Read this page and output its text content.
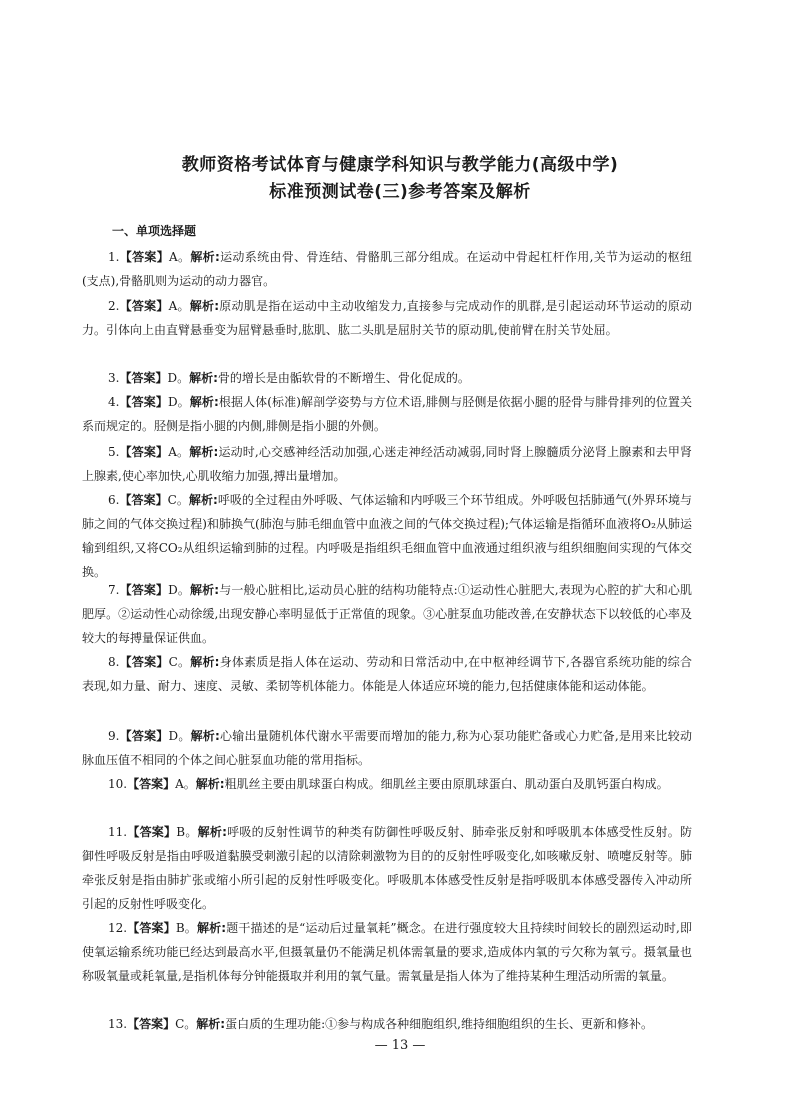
教师资格考试体育与健康学科知识与教学能力(高级中学)
标准预测试卷(三)参考答案及解析
一、单项选择题
1.【答案】A。解析:运动系统由骨、骨连结、骨骼肌三部分组成。在运动中骨起杠杆作用,关节为运动的枢纽(支点),骨骼肌则为运动的动力器官。
2.【答案】A。解析:原动肌是指在运动中主动收缩发力,直接参与完成动作的肌群,是引起运动环节运动的原动力。引体向上由直臂悬垂变为屈臂悬垂时,肱肌、肱二头肌是屈肘关节的原动肌,使前臂在肘关节处屈。
3.【答案】D。解析:骨的增长是由骺软骨的不断增生、骨化促成的。
4.【答案】D。解析:根据人体(标准)解剖学姿势与方位术语,腓侧与胫侧是依据小腿的胫骨与腓骨排列的位置关系而规定的。胫侧是指小腿的内侧,腓侧是指小腿的外侧。
5.【答案】A。解析:运动时,心交感神经活动加强,心迷走神经活动减弱,同时肾上腺髓质分泌肾上腺素和去甲肾上腺素,使心率加快,心肌收缩力加强,搏出量增加。
6.【答案】C。解析:呼吸的全过程由外呼吸、气体运输和内呼吸三个环节组成。外呼吸包括肺通气(外界环境与肺之间的气体交换过程)和肺换气(肺泡与肺毛细血管中血液之间的气体交换过程);气体运输是指循环血液将O₂从肺运输到组织,又将CO₂从组织运输到肺的过程。内呼吸是指组织毛细血管中血液通过组织液与组织细胞间实现的气体交换。
7.【答案】D。解析:与一般心脏相比,运动员心脏的结构功能特点:①运动性心脏肥大,表现为心腔的扩大和心肌肥厚。②运动性心动徐缓,出现安静心率明显低于正常值的现象。③心脏泵血功能改善,在安静状态下以较低的心率及较大的每搏量保证供血。
8.【答案】C。解析:身体素质是指人体在运动、劳动和日常活动中,在中枢神经调节下,各器官系统功能的综合表现,如力量、耐力、速度、灵敏、柔韧等机体能力。体能是人体适应环境的能力,包括健康体能和运动体能。
9.【答案】D。解析:心输出量随机体代谢水平需要而增加的能力,称为心泵功能贮备或心力贮备,是用来比较动脉血压值不相同的个体之间心脏泵血功能的常用指标。
10.【答案】A。解析:粗肌丝主要由肌球蛋白构成。细肌丝主要由原肌球蛋白、肌动蛋白及肌钙蛋白构成。
11.【答案】B。解析:呼吸的反射性调节的种类有防御性呼吸反射、肺牵张反射和呼吸肌本体感受性反射。防御性呼吸反射是指由呼吸道黏膜受刺激引起的以清除刺激物为目的的反射性呼吸变化,如咳嗽反射、喷嚏反射等。肺牵张反射是指由肺扩张或缩小所引起的反射性呼吸变化。呼吸肌本体感受性反射是指呼吸肌本体感受器传入冲动所引起的反射性呼吸变化。
12.【答案】B。解析:题干描述的是“运动后过量氧耗”概念。在进行强度较大且持续时间较长的剧烈运动时,即使氧运输系统功能已经达到最高水平,但摄氧量仍不能满足机体需氧量的要求,造成体内氧的亏欠称为氧亏。摄氧量也称吸氧量或耗氧量,是指机体每分钟能摄取并利用的氧气量。需氧量是指人体为了维持某种生理活动所需的氧量。
13.【答案】C。解析:蛋白质的生理功能:①参与构成各种细胞组织,维持细胞组织的生长、更新和修补。
— 13 —
